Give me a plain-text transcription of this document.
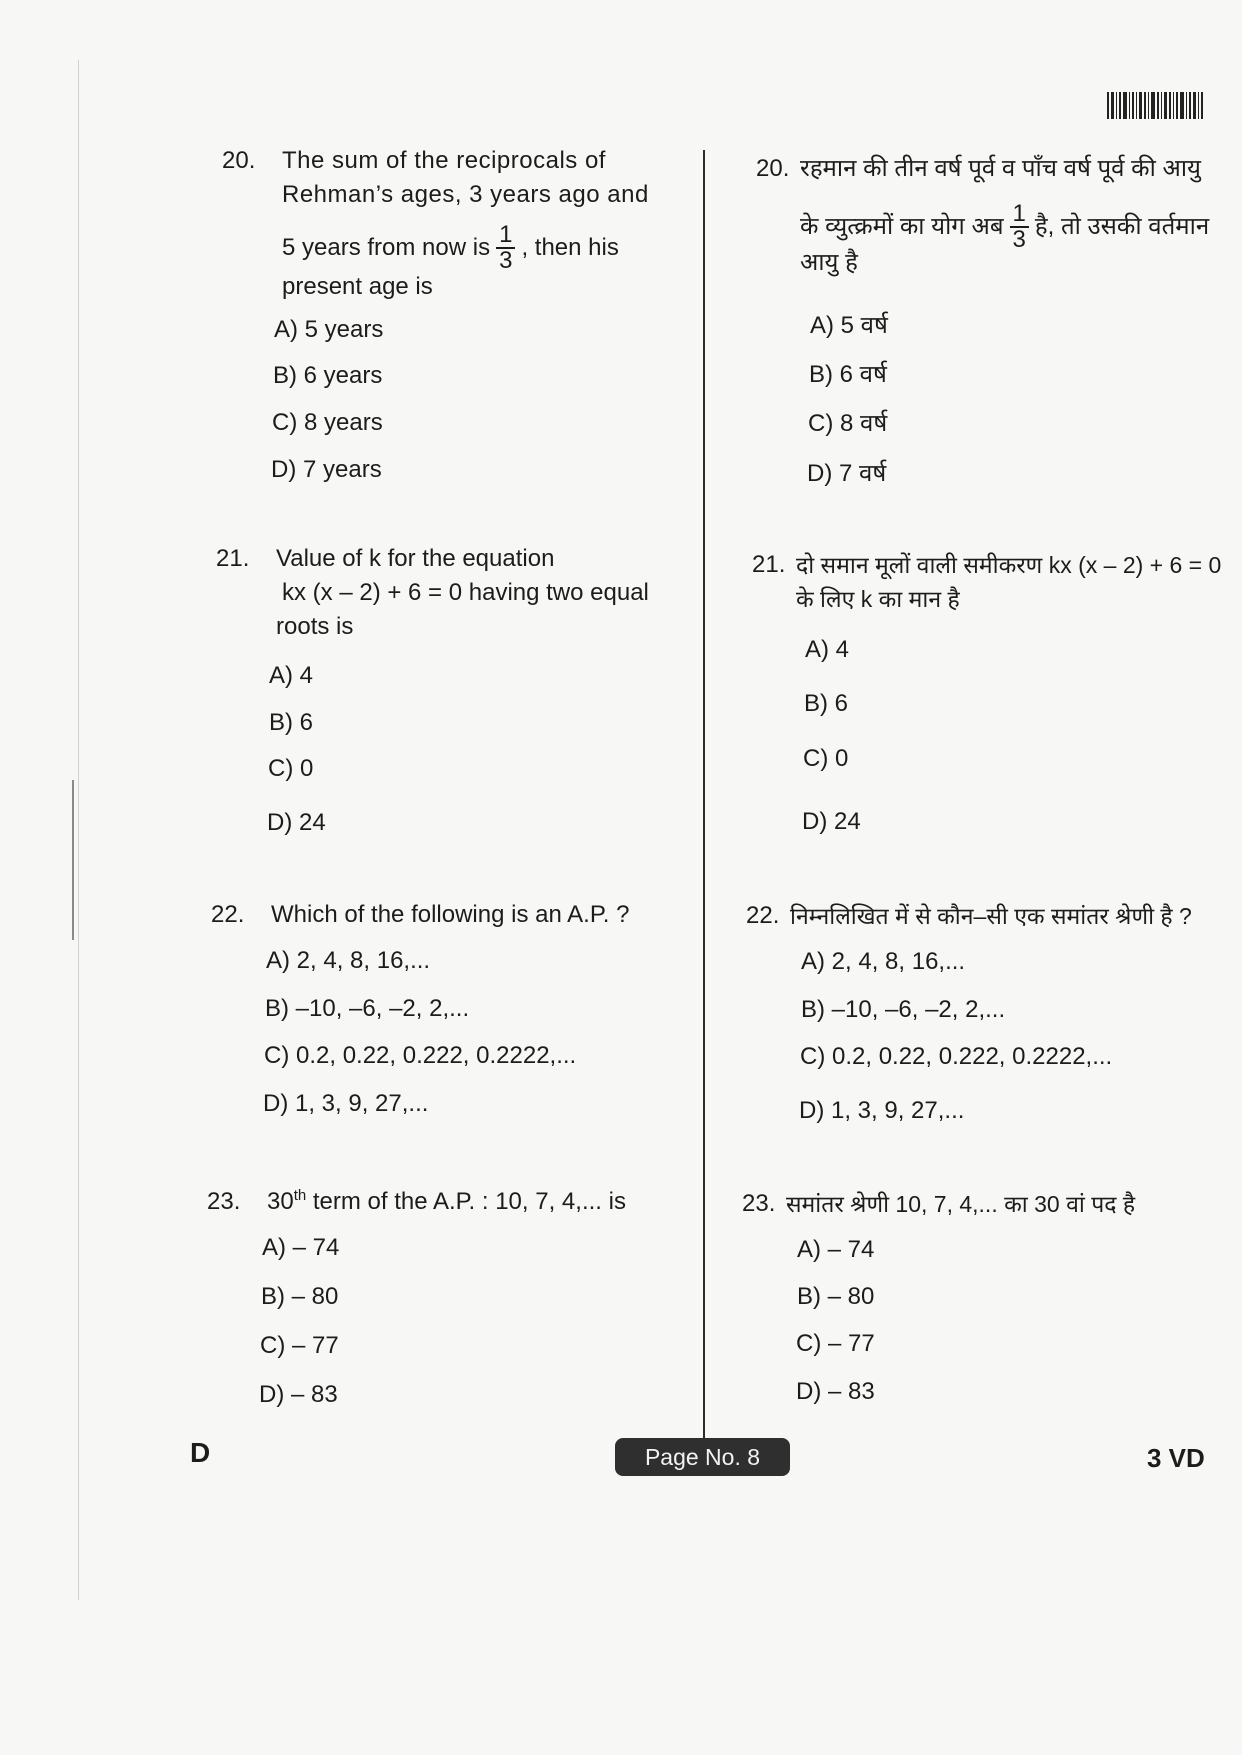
20. The sum of the reciprocals of
Rehman’s ages, 3 years ago and
5 years from now is $\frac{1}{3}$ , then his
present age is
A) 5 years
B) 6 years
C) 8 years
D) 7 years
21. Value of k for the equation
kx (x – 2) + 6 = 0 having two equal
roots is
A) 4
B) 6
C) 0
D) 24
22. Which of the following is an A.P. ?
A) 2, 4, 8, 16,...
B) –10, –6, –2, 2,...
C) 0.2, 0.22, 0.222, 0.2222,...
D) 1, 3, 9, 27,...
23. 30th term of the A.P. : 10, 7, 4,... is
A) – 74
B) – 80
C) – 77
D) – 83
20. रहमान की तीन वर्ष पूर्व व पाँच वर्ष पूर्व की आयु
के व्युत्क्रमों का योग अब $\frac{1}{3}$ है, तो उसकी वर्तमान
आयु है
A) 5 वर्ष
B) 6 वर्ष
C) 8 वर्ष
D) 7 वर्ष
21. दो समान मूलों वाली समीकरण kx (x – 2) + 6 = 0
के लिए k का मान है
A) 4
B) 6
C) 0
D) 24
22. निम्नलिखित में से कौन–सी एक समांतर श्रेणी है ?
A) 2, 4, 8, 16,...
B) –10, –6, –2, 2,...
C) 0.2, 0.22, 0.222, 0.2222,...
D) 1, 3, 9, 27,...
23. समांतर श्रेणी 10, 7, 4,... का 30 वां पद है
A) – 74
B) – 80
C) – 77
D) – 83
D	Page No. 8	3 VD
